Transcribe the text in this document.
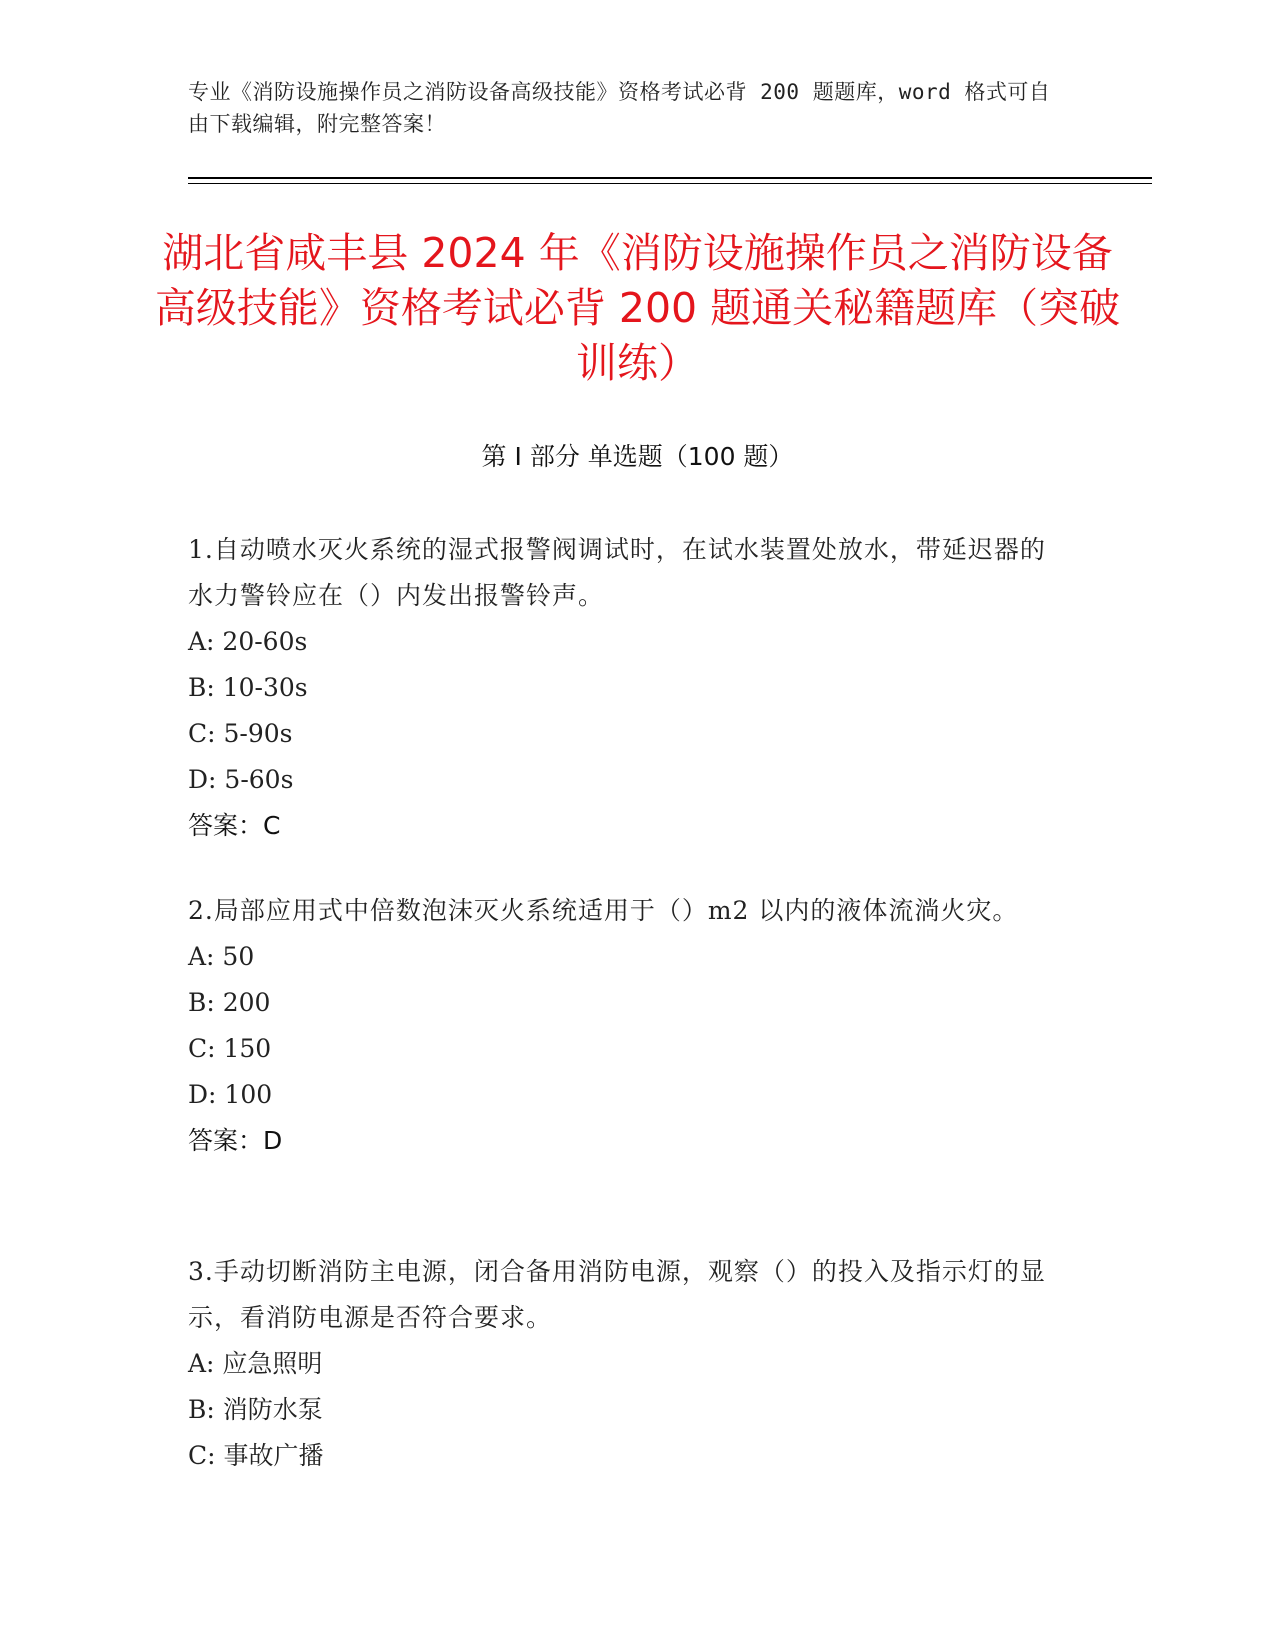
专业《消防设施操作员之消防设备高级技能》资格考试必背 200 题题库，word 格式可自由下载编辑，附完整答案！
湖北省咸丰县 2024 年《消防设施操作员之消防设备高级技能》资格考试必背 200 题通关秘籍题库（突破训练）
第 I 部分 单选题（100 题）
1.自动喷水灭火系统的湿式报警阀调试时，在试水装置处放水，带延迟器的水力警铃应在（）内发出报警铃声。
A: 20-60s
B: 10-30s
C: 5-90s
D: 5-60s
答案：C
2.局部应用式中倍数泡沫灭火系统适用于（）m2 以内的液体流淌火灾。
A: 50
B: 200
C: 150
D: 100
答案：D
3.手动切断消防主电源，闭合备用消防电源，观察（）的投入及指示灯的显示，看消防电源是否符合要求。
A: 应急照明
B: 消防水泵
C: 事故广播
